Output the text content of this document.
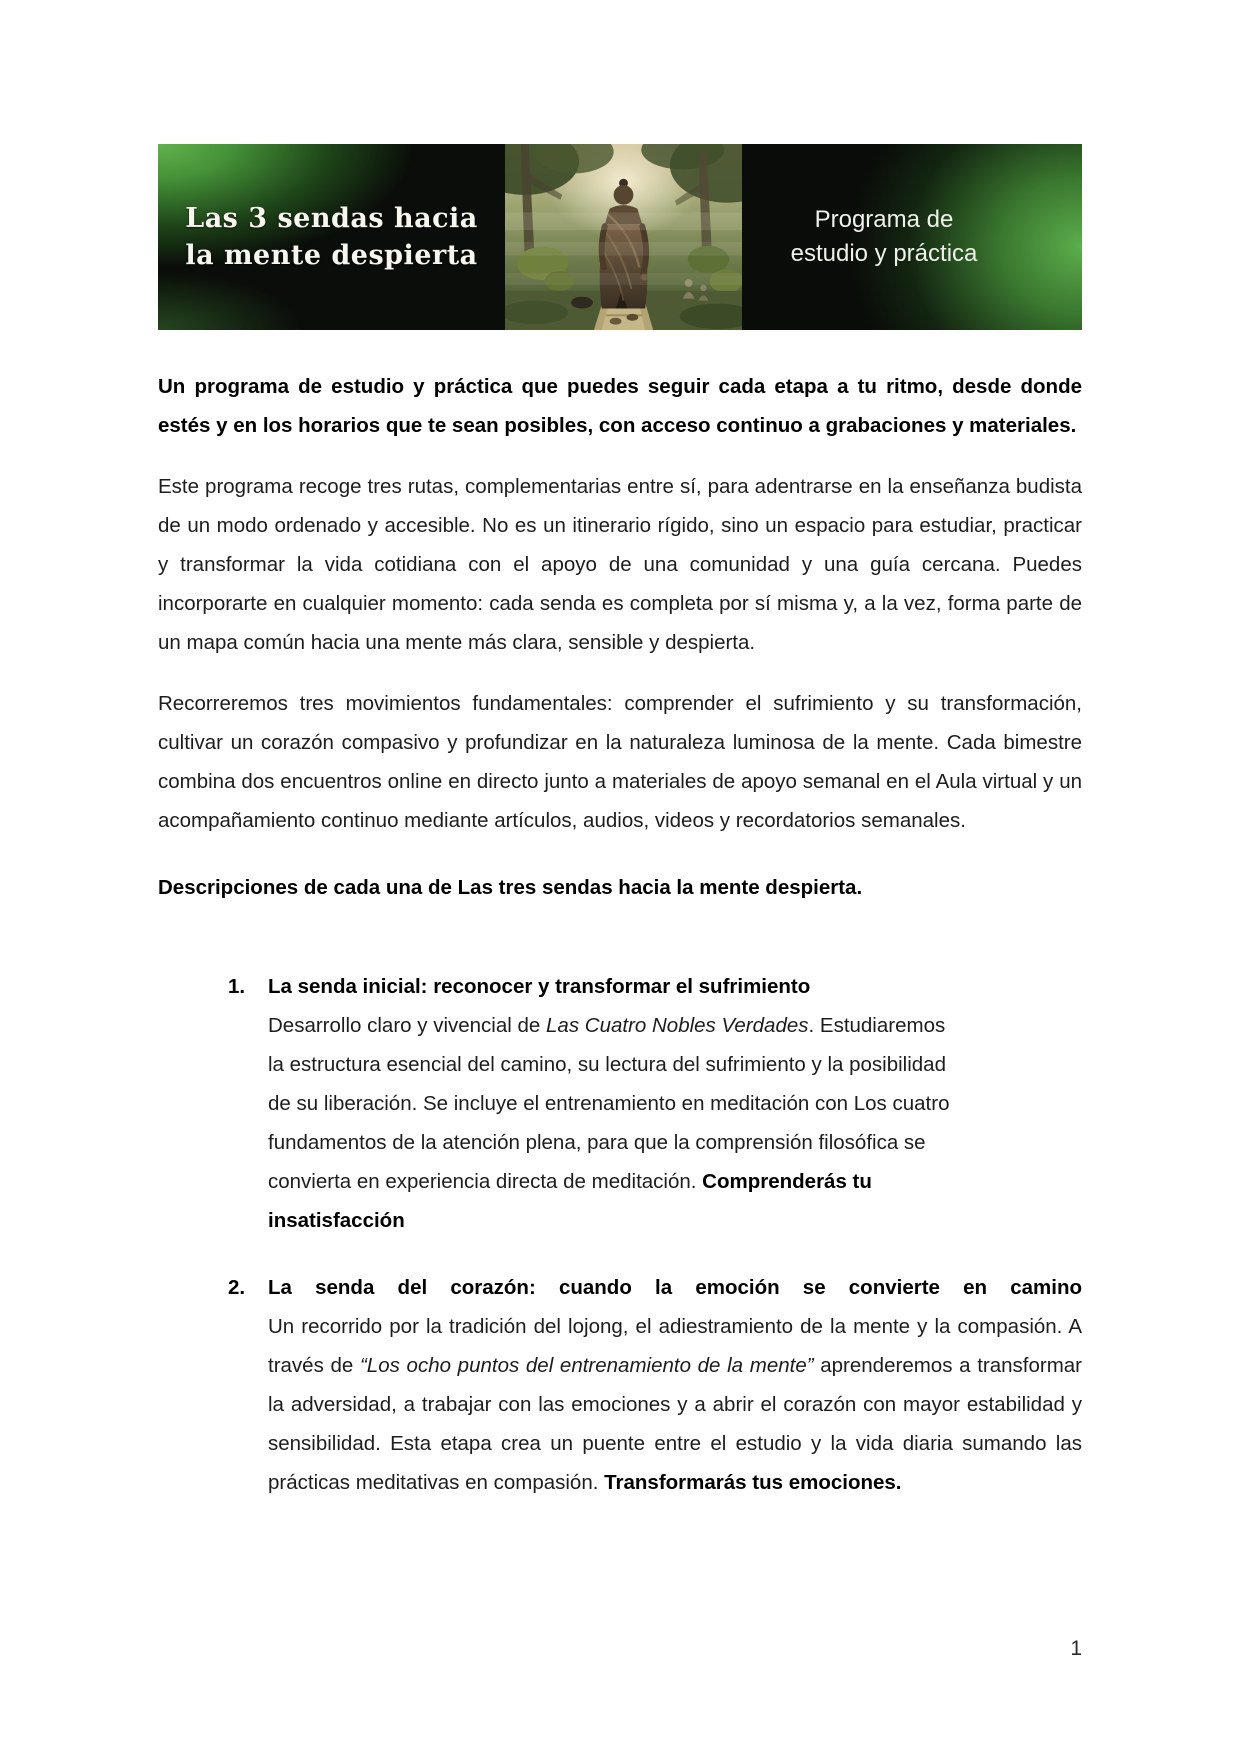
Las 3 sendas hacia
la mente despierta
Programa de
estudio y práctica

Un programa de estudio y práctica que puedes seguir cada etapa a tu ritmo, desde donde estés y en los horarios que te sean posibles, con acceso continuo a grabaciones y materiales.

Este programa recoge tres rutas, complementarias entre sí, para adentrarse en la enseñanza budista de un modo ordenado y accesible. No es un itinerario rígido, sino un espacio para estudiar, practicar y transformar la vida cotidiana con el apoyo de una comunidad y una guía cercana. Puedes incorporarte en cualquier momento: cada senda es completa por sí misma y, a la vez, forma parte de un mapa común hacia una mente más clara, sensible y despierta.

Recorreremos tres movimientos fundamentales: comprender el sufrimiento y su transformación, cultivar un corazón compasivo y profundizar en la naturaleza luminosa de la mente. Cada bimestre combina dos encuentros online en directo junto a materiales de apoyo semanal en el Aula virtual y un acompañamiento continuo mediante artículos, audios, videos y recordatorios semanales.

Descripciones de cada una de Las tres sendas hacia la mente despierta.

1.	La senda inicial: reconocer y transformar el sufrimiento

Desarrollo claro y vivencial de Las Cuatro Nobles Verdades. Estudiaremos la estructura esencial del camino, su lectura del sufrimiento y la posibilidad de su liberación. Se incluye el entrenamiento en meditación con Los cuatro fundamentos de la atención plena, para que la comprensión filosófica se convierta en experiencia directa de meditación. Comprenderás tu insatisfacción

2.	La senda del corazón: cuando la emoción se convierte en camino

Un recorrido por la tradición del lojong, el adiestramiento de la mente y la compasión. A través de “Los ocho puntos del entrenamiento de la mente” aprenderemos a transformar la adversidad, a trabajar con las emociones y a abrir el corazón con mayor estabilidad y sensibilidad. Esta etapa crea un puente entre el estudio y la vida diaria sumando las prácticas meditativas en compasión. Transformarás tus emociones.

1
